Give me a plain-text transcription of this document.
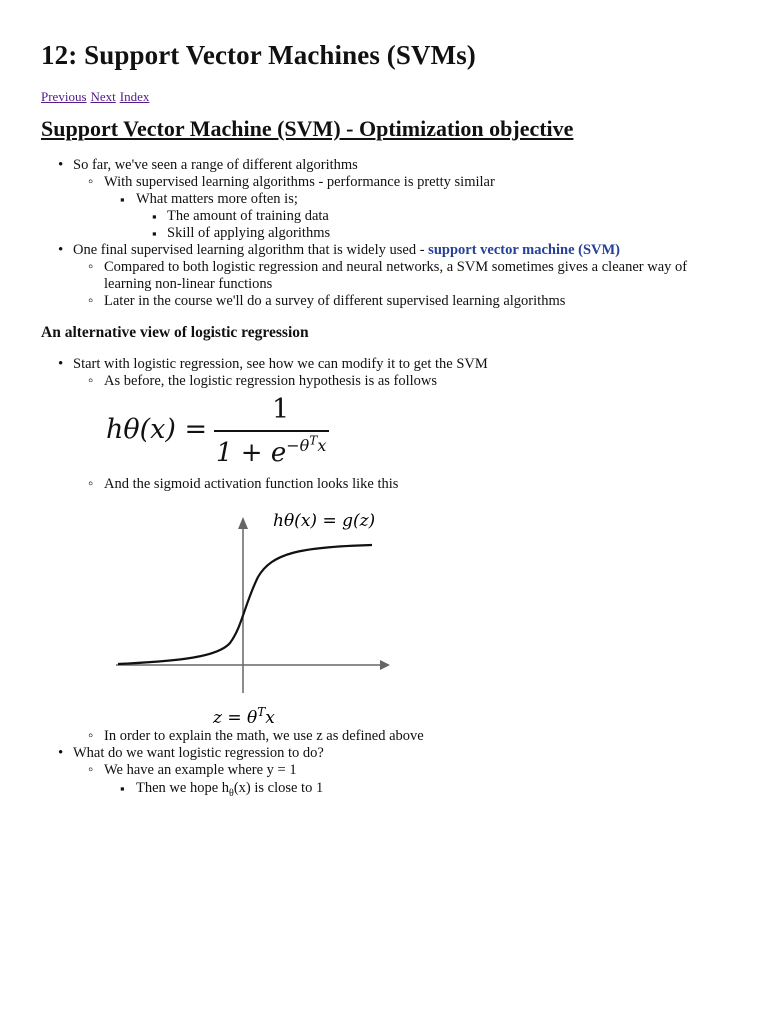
12: Support Vector Machines (SVMs)
Previous Next Index
Support Vector Machine (SVM) - Optimization objective
•
So far, we've seen a range of different algorithms
◦
With supervised learning algorithms - performance is pretty similar
▪
What matters more often is;
▪
The amount of training data
▪
Skill of applying algorithms
•
One final supervised learning algorithm that is widely used - support vector machine (SVM)
◦
Compared to both logistic regression and neural networks, a SVM sometimes gives a cleaner way of
learning non-linear functions
◦
Later in the course we'll do a survey of different supervised learning algorithms
An alternative view of logistic regression
•
Start with logistic regression, see how we can modify it to get the SVM
◦
As before, the logistic regression hypothesis is as follows
hθ(x) =
1
$1 + e^{-\theta^Tx}$
◦
And the sigmoid activation function looks like this
hθ(x) = g(z)
$z = \theta^Tx$
◦
In order to explain the math, we use z as defined above
•
What do we want logistic regression to do?
◦
We have an example where y = 1
▪
Then we hope $h_\theta(x)$ is close to 1
